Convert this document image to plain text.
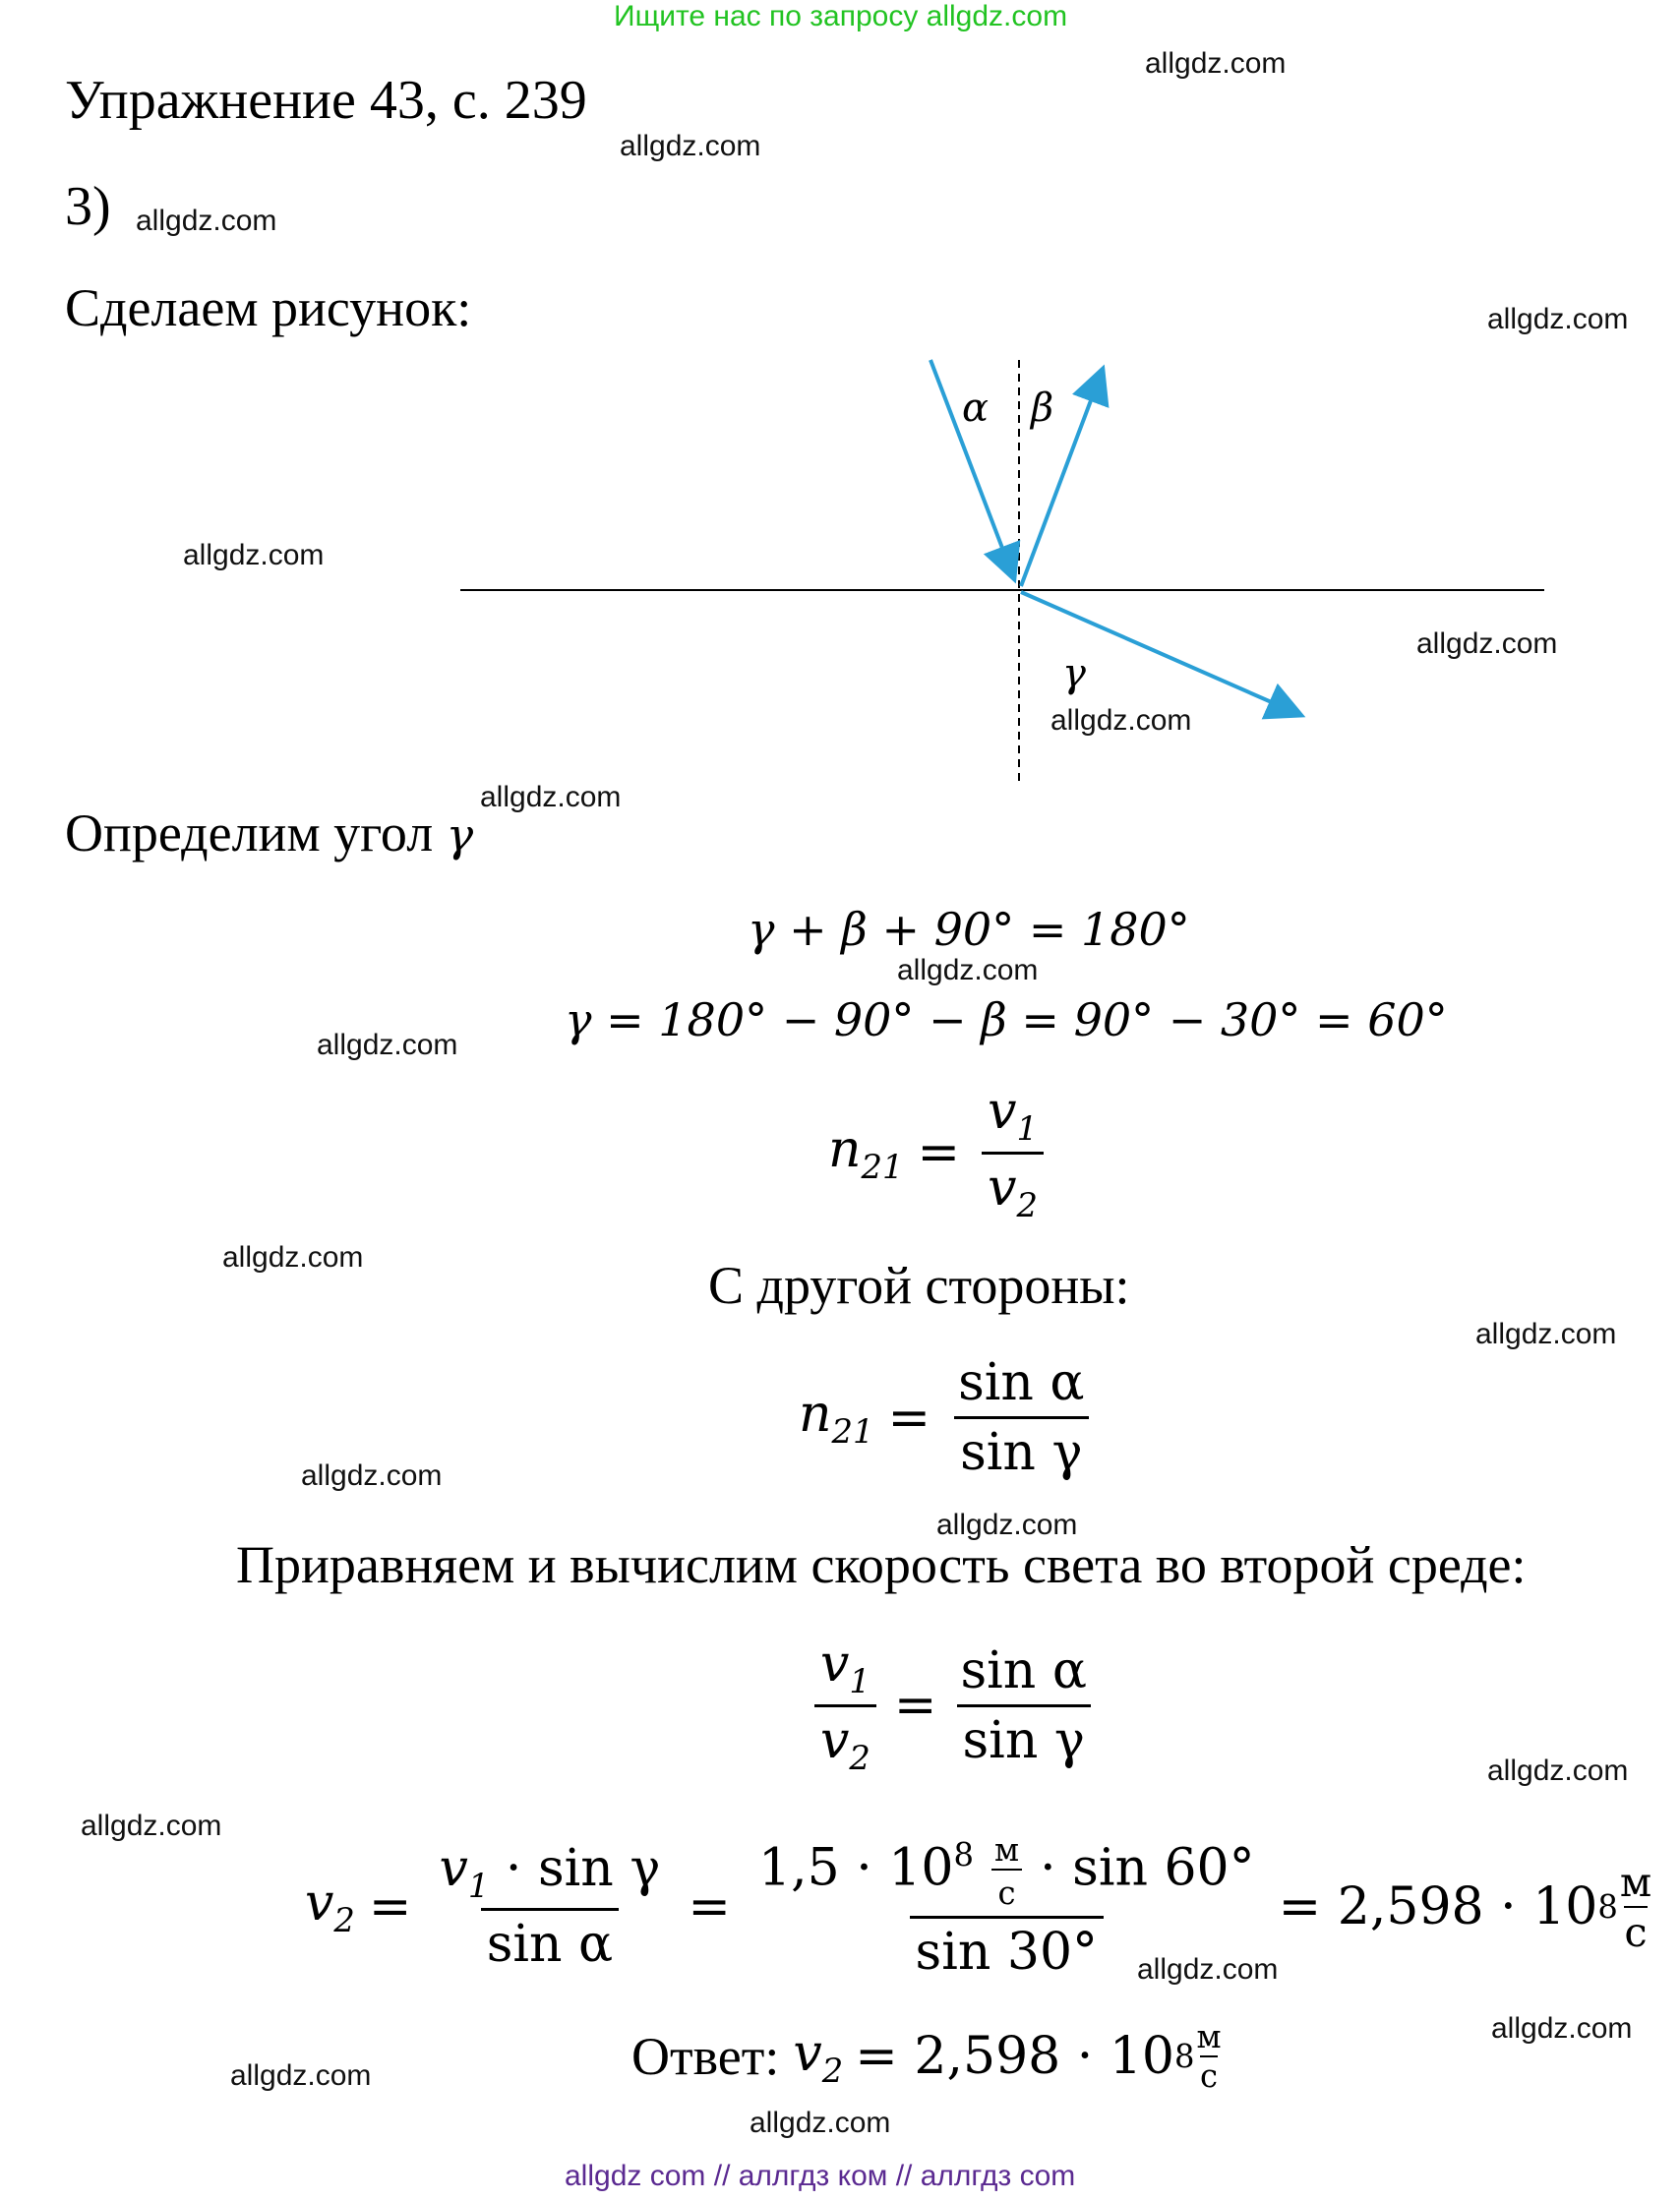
Ищите нас по запросу allgdz.com
allgdz com // аллгдз ком // аллгдз com
allgdz.com
allgdz.com
allgdz.com
allgdz.com
allgdz.com
allgdz.com
allgdz.com
allgdz.com
allgdz.com
allgdz.com
allgdz.com
allgdz.com
allgdz.com
allgdz.com
allgdz.com
allgdz.com
allgdz.com
allgdz.com
allgdz.com
allgdz.com
Упражнение 43, с. 239
3)
Сделаем рисунок:
α β
γ
Определим угол γ
γ + β + 90° = 180°
γ = 180° − 90° − β = 90° − 30° = 60°
$n_{21} = \frac{v_1}{v_2}$
С другой стороны:
$n_{21} = \frac{\text{sin α}}{\text{sin γ}}$
Приравняем и вычислим скорость света во второй среде:
$\frac{v_1}{v_2} = \frac{\text{sin α}}{\text{sin γ}}$
$v_2 = \frac{v_1 \cdot \sin \gamma}{\text{sin α}} = \frac{1,5 \cdot 10^8 \frac{м}{с} \cdot \sin 60^\circ}{\sin 30^\circ} = 2,598 \cdot 10$ $8 \frac{м}{с}$
Ответ: $v_2 = 2,598 \cdot 10$ $8 \frac{м}{с}$
